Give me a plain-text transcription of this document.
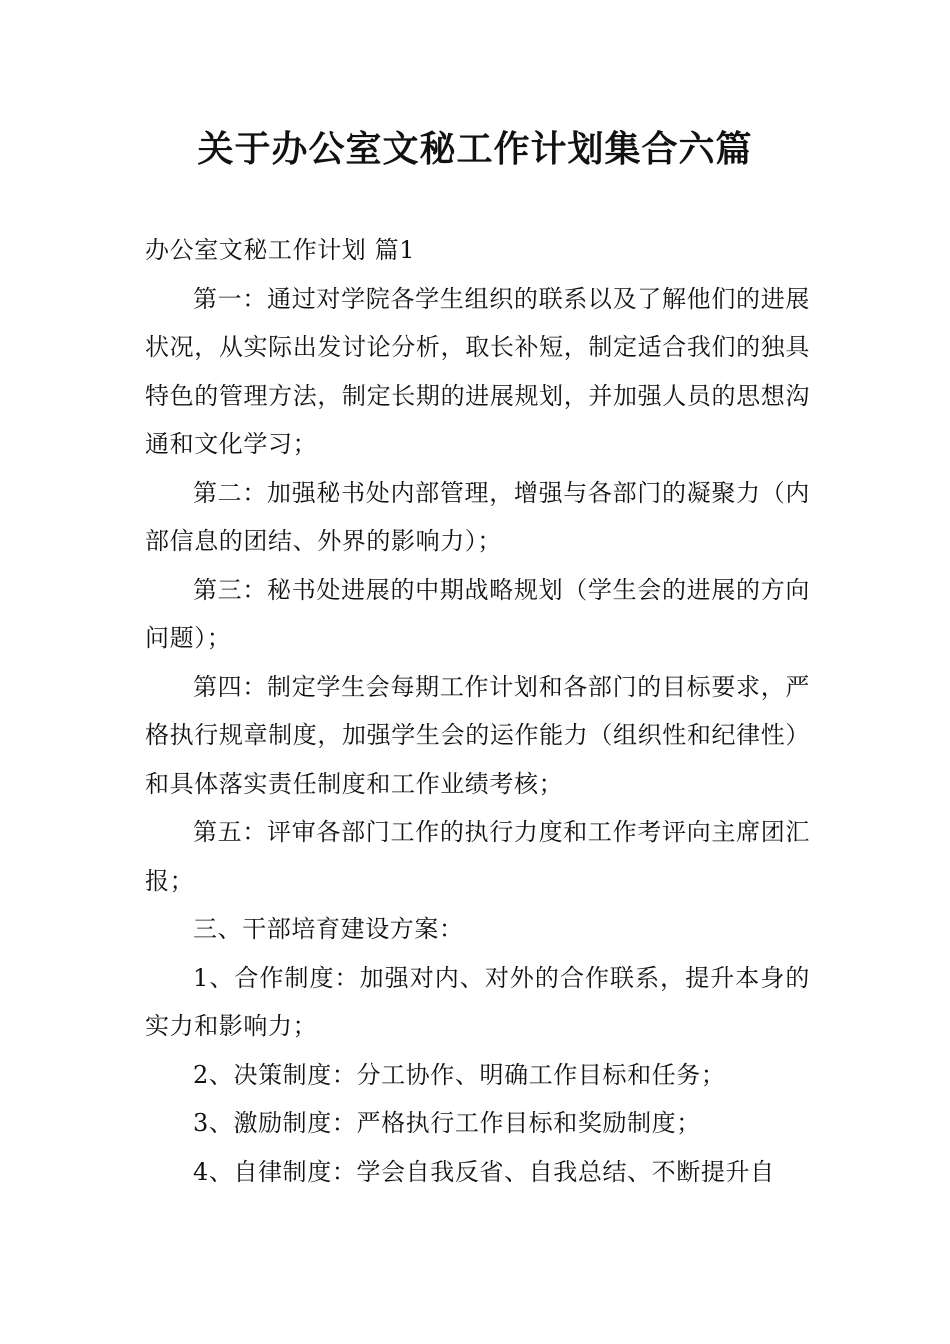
关于办公室文秘工作计划集合六篇

办公室文秘工作计划 篇1

第一：通过对学院各学生组织的联系以及了解他们的进展状况，从实际出发讨论分析，取长补短，制定适合我们的独具特色的管理方法，制定长期的进展规划，并加强人员的思想沟通和文化学习；

第二：加强秘书处内部管理，增强与各部门的凝聚力（内部信息的团结、外界的影响力）；

第三：秘书处进展的中期战略规划（学生会的进展的方向问题）；

第四：制定学生会每期工作计划和各部门的目标要求，严格执行规章制度，加强学生会的运作能力（组织性和纪律性）和具体落实责任制度和工作业绩考核；

第五：评审各部门工作的执行力度和工作考评向主席团汇报；

三、干部培育建设方案：

1、合作制度：加强对内、对外的合作联系，提升本身的实力和影响力；

2、决策制度：分工协作、明确工作目标和任务；

3、激励制度：严格执行工作目标和奖励制度；

4、自律制度：学会自我反省、自我总结、不断提升自
